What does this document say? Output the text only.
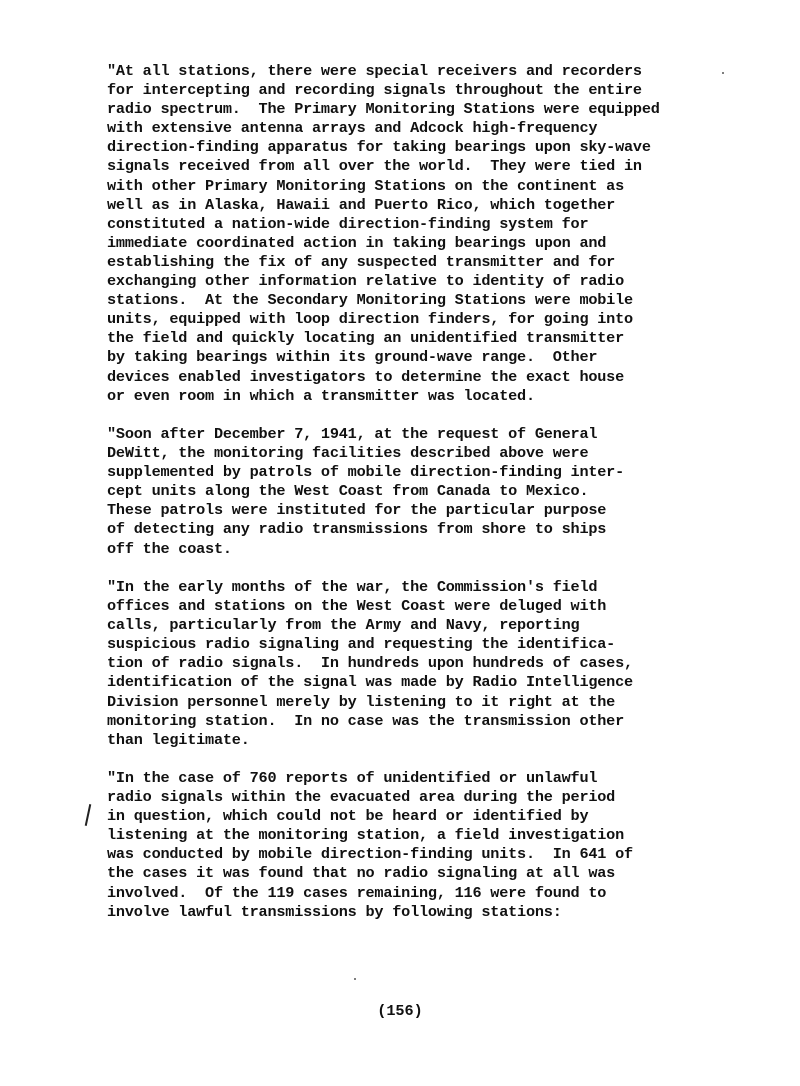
"At all stations, there were special receivers and recorders
for intercepting and recording signals throughout the entire
radio spectrum.  The Primary Monitoring Stations were equipped
with extensive antenna arrays and Adcock high-frequency
direction-finding apparatus for taking bearings upon sky-wave
signals received from all over the world.  They were tied in
with other Primary Monitoring Stations on the continent as
well as in Alaska, Hawaii and Puerto Rico, which together
constituted a nation-wide direction-finding system for
immediate coordinated action in taking bearings upon and
establishing the fix of any suspected transmitter and for
exchanging other information relative to identity of radio
stations.  At the Secondary Monitoring Stations were mobile
units, equipped with loop direction finders, for going into
the field and quickly locating an unidentified transmitter
by taking bearings within its ground-wave range.  Other
devices enabled investigators to determine the exact house
or even room in which a transmitter was located.
"Soon after December 7, 1941, at the request of General
DeWitt, the monitoring facilities described above were
supplemented by patrols of mobile direction-finding inter-
cept units along the West Coast from Canada to Mexico.
These patrols were instituted for the particular purpose
of detecting any radio transmissions from shore to ships
off the coast.
"In the early months of the war, the Commission's field
offices and stations on the West Coast were deluged with
calls, particularly from the Army and Navy, reporting
suspicious radio signaling and requesting the identifica-
tion of radio signals.  In hundreds upon hundreds of cases,
identification of the signal was made by Radio Intelligence
Division personnel merely by listening to it right at the
monitoring station.  In no case was the transmission other
than legitimate.
"In the case of 760 reports of unidentified or unlawful
radio signals within the evacuated area during the period
in question, which could not be heard or identified by
listening at the monitoring station, a field investigation
was conducted by mobile direction-finding units.  In 641 of
the cases it was found that no radio signaling at all was
involved.  Of the 119 cases remaining, 116 were found to
involve lawful transmissions by following stations:
(156)
